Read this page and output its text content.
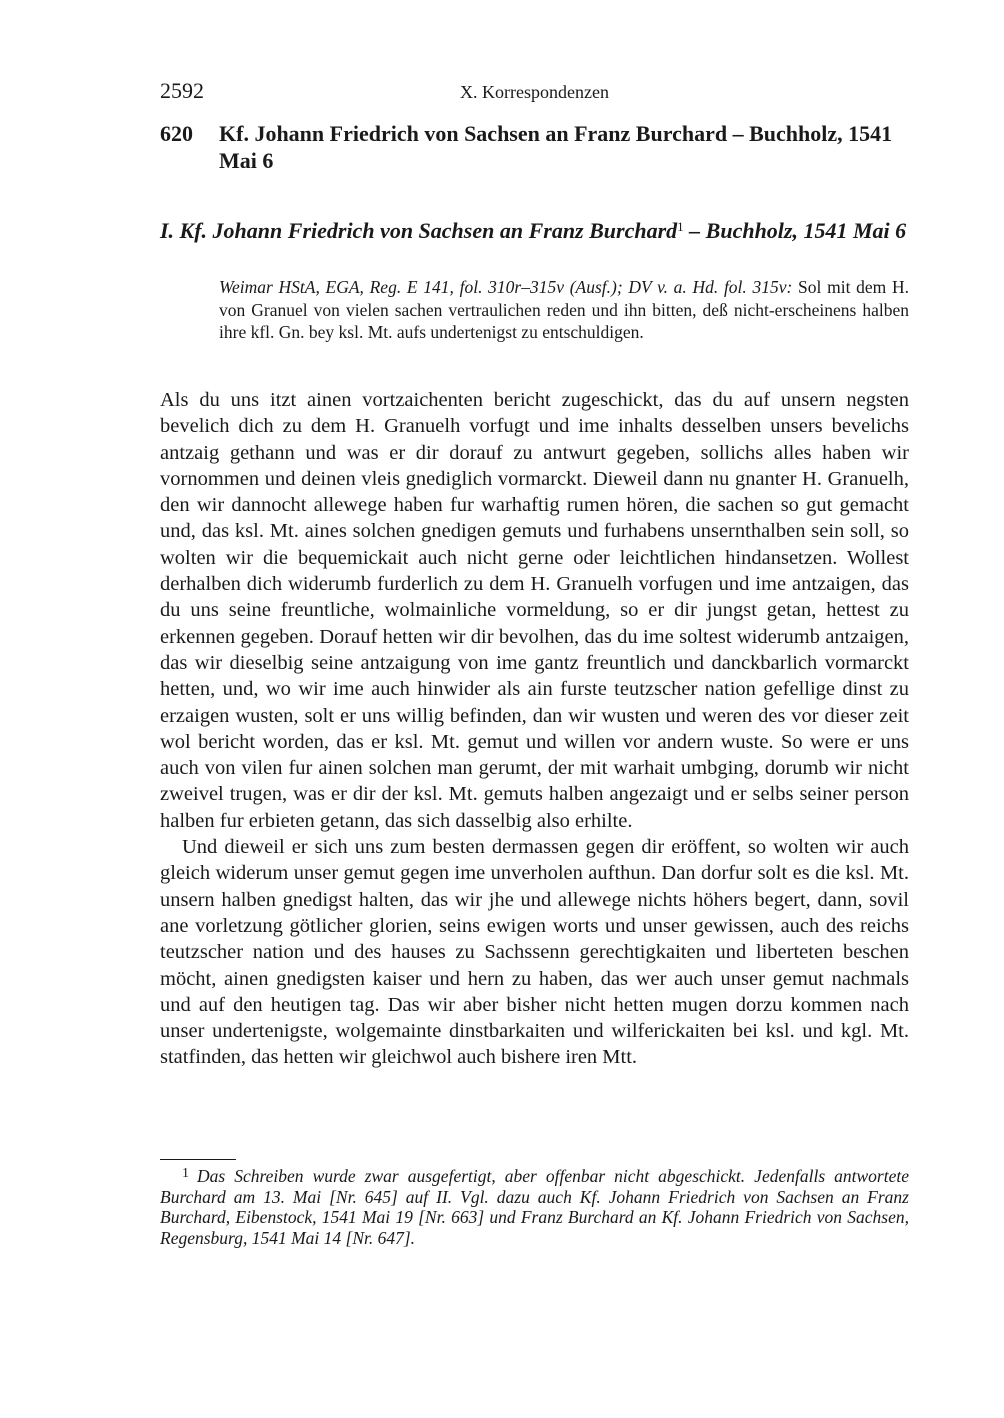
2592	X. Korrespondenzen
620 Kf. Johann Friedrich von Sachsen an Franz Burchard – Buchholz, 1541 Mai 6
I. Kf. Johann Friedrich von Sachsen an Franz Burchard$^1$ – Buchholz, 1541 Mai 6
Weimar HStA, EGA, Reg. E 141, fol. 310r–315v (Ausf.); DV v. a. Hd. fol. 315v: Sol mit dem H. von Granuel von vielen sachen vertraulichen reden und ihn bitten, deß nicht-erscheinens halben ihre kfl. Gn. bey ksl. Mt. aufs undertenigst zu entschuldigen.

Als du uns itzt ainen vortzaichenten bericht zugeschickt, das du auf unsern negsten bevelich dich zu dem H. Granuelh vorfugt und ime inhalts desselben unsers bevelichs antzaig gethann und was er dir dorauf zu antwurt gegeben, sollichs alles haben wir vornommen und deinen vleis gnediglich vormarckt. Dieweil dann nu gnanter H. Granuelh, den wir dannocht allewege haben fur warhaftig rumen hören, die sachen so gut gemacht und, das ksl. Mt. aines solchen gnedigen gemuts und furhabens unsernthalben sein soll, so wolten wir die bequemickait auch nicht gerne oder leichtlichen hindansetzen. Wollest derhalben dich widerumb furderlich zu dem H. Granuelh vorfugen und ime antzaigen, das du uns seine freuntliche, wolmainliche vormeldung, so er dir jungst getan, hettest zu erkennen gegeben. Dorauf hetten wir dir bevolhen, das du ime soltest widerumb antzaigen, das wir dieselbig seine antzaigung von ime gantz freuntlich und danckbarlich vormarckt hetten, und, wo wir ime auch hinwider als ain furste teutzscher nation gefellige dinst zu erzaigen wusten, solt er uns willig befinden, dan wir wusten und weren des vor dieser zeit wol bericht worden, das er ksl. Mt. gemut und willen vor andern wuste. So were er uns auch von vilen fur ainen solchen man gerumt, der mit warhait umbging, dorumb wir nicht zweivel trugen, was er dir der ksl. Mt. gemuts halben angezaigt und er selbs seiner person halben fur erbieten getann, das sich dasselbig also erhilte.

Und dieweil er sich uns zum besten dermassen gegen dir eröffent, so wolten wir auch gleich widerum unser gemut gegen ime unverholen aufthun. Dan dorfur solt es die ksl. Mt. unsern halben gnedigst halten, das wir jhe und allewege nichts höhers begert, dann, sovil ane vorletzung götlicher glorien, seins ewigen worts und unser gewissen, auch des reichs teutzscher nation und des hauses zu Sachssenn gerechtigkaiten und liberteten beschen möcht, ainen gnedigsten kaiser und hern zu haben, das wer auch unser gemut nachmals und auf den heutigen tag. Das wir aber bisher nicht hetten mugen dorzu kommen nach unser undertenigste, wolgemainte dinstbarkaiten und wilferickaiten bei ksl. und kgl. Mt. statfinden, das hetten wir gleichwol auch bishere iren Mtt.

$^1$ Das Schreiben wurde zwar ausgefertigt, aber offenbar nicht abgeschickt. Jedenfalls antwortete Burchard am 13. Mai [Nr. 645] auf II. Vgl. dazu auch Kf. Johann Friedrich von Sachsen an Franz Burchard, Eibenstock, 1541 Mai 19 [Nr. 663] und Franz Burchard an Kf. Johann Friedrich von Sachsen, Regensburg, 1541 Mai 14 [Nr. 647].
